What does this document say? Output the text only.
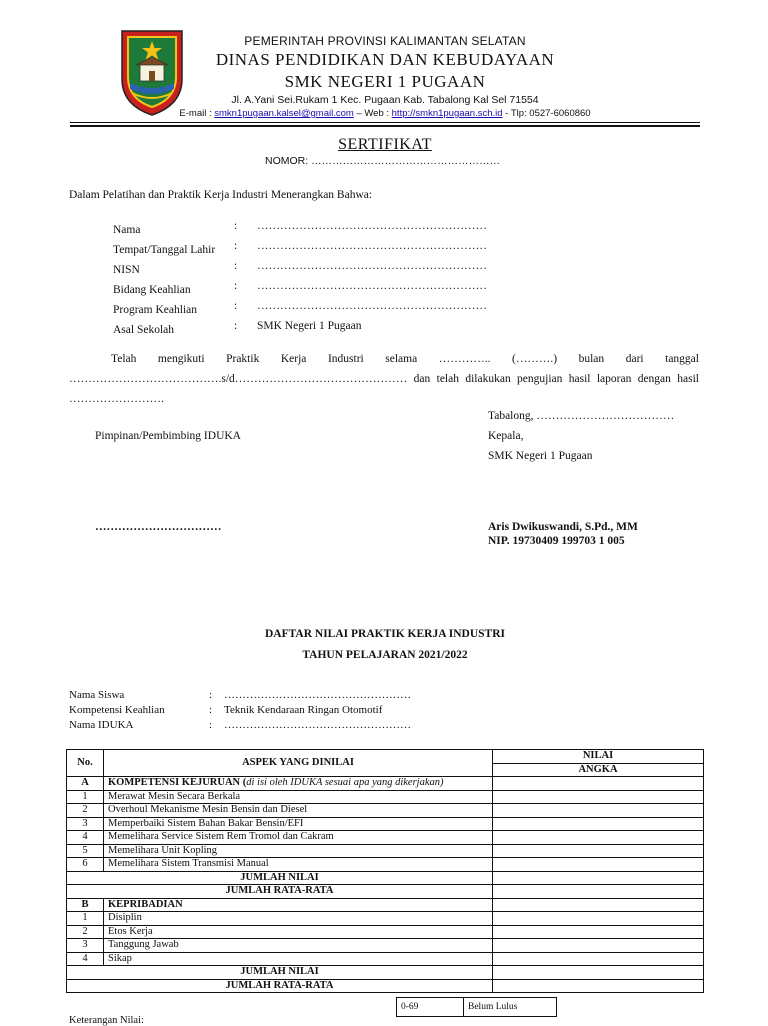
PEMERINTAH PROVINSI KALIMANTAN SELATAN
DINAS PENDIDIKAN DAN KEBUDAYAAN
SMK NEGERI 1 PUGAAN
Jl. A.Yani Sei.Rukam 1 Kec. Pugaan Kab. Tabalong Kal Sel 71554
E-mail : smkn1pugaan.kalsel@gmail.com – Web : http://smkn1pugaan.sch.id - Tlp: 0527-6060860
SERTIFIKAT
NOMOR: ………………………………………………
Dalam Pelatihan dan Praktik Kerja Industri Menerangkan Bahwa:
Nama	: ……………………………………………………
Tempat/Tanggal Lahir : ……………………………………………………
NISN	: ……………………………………………………
Bidang Keahlian	: ……………………………………………………
Program Keahlian	: ……………………………………………………
Asal Sekolah	: SMK Negeri 1 Pugaan
Telah mengikuti Praktik Kerja Industri selama ………….. (……….) bulan dari tanggal
………………………………….s/d……………………………………… dan telah dilakukan pengujian hasil laporan dengan hasil
…………………….
Tabalong, ………………………………
Pimpinan/Pembimbing IDUKA	Kepala,
SMK Negeri 1 Pugaan
……………………………	Aris Dwikuswandi, S.Pd., MM
NIP. 19730409 199703 1 005
DAFTAR NILAI PRAKTIK KERJA INDUSTRI
TAHUN PELAJARAN 2021/2022
Nama Siswa	: ……………………………………………
Kompetensi Keahlian	: Teknik Kendaraan Ringan Otomotif
Nama IDUKA	: ……………………………………………
No.	ASPEK YANG DINILAI	NILAI
		ANGKA
A	KOMPETENSI KEJURUAN (di isi oleh IDUKA sesuai apa yang dikerjakan)	
1	Merawat Mesin Secara Berkala	
2	Overhoul Mekanisme Mesin Bensin dan Diesel	
3	Memperbaiki Sistem Bahan Bakar Bensin/EFI	
4	Memelihara Service Sistem Rem Tromol dan Cakram	
5	Memelihara Unit Kopling	
6	Memelihara Sistem Transmisi Manual	
JUMLAH NILAI		
JUMLAH RATA-RATA		
B	KEPRIBADIAN	
1	Disiplin	
2	Etos Kerja	
3	Tanggung Jawab	
4	Sikap	
JUMLAH NILAI		
JUMLAH RATA-RATA		
0-69	Belum Lulus
Keterangan Nilai:
